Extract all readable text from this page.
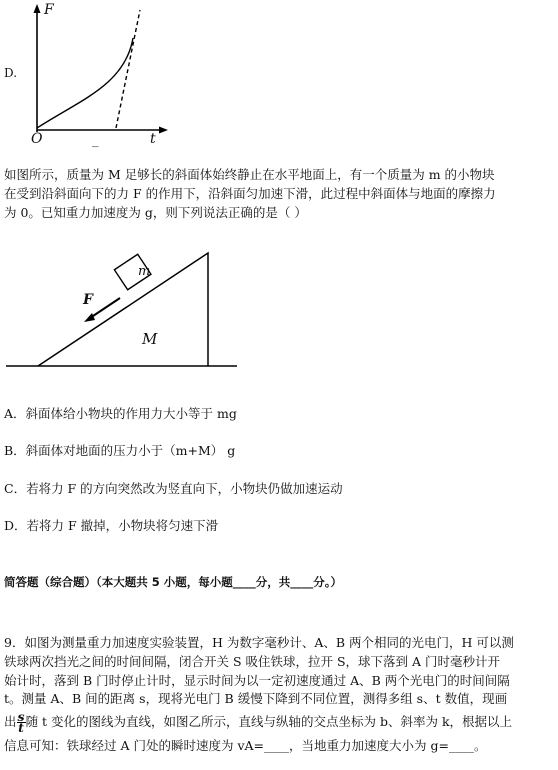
D.
F
O	t
_
如图所示，质量为 M 足够长的斜面体始终静止在水平地面上，有一个质量为 m 的小物块
在受到沿斜面向下的力 F 的作用下，沿斜面匀加速下滑，此过程中斜面体与地面的摩擦力
为 0。已知重力加速度为 g，则下列说法正确的是（ ）
m
F
M
A．斜面体给小物块的作用力大小等于 mg
B．斜面体对地面的压力小于（m+M） g
C．若将力 F 的方向突然改为竖直向下，小物块仍做加速运动
D．若将力 F 撤掉，小物块将匀速下滑
简答题（综合题）（本大题共 5 小题，每小题____分，共____分。）
9．如图为测量重力加速度实验装置，H 为数字毫秒计、A、B 两个相同的光电门，H 可以测
铁球两次挡光之间的时间间隔，闭合开关 S 吸住铁球，拉开 S，球下落到 A 门时毫秒计开
始计时，落到 B 门时停止计时，显示时间为以一定初速度通过 A、B 两个光电门的时间间隔
t。测量 A、B 间的距离 s，现将光电门 B 缓慢下降到不同位置，测得多组 s、t 数值，现画
出 $\frac{s}{t}$ 随 t 变化的图线为直线，如图乙所示，直线与纵轴的交点坐标为 b、斜率为 k，根据以上
信息可知：铁球经过 A 门处的瞬时速度为 vA=____，当地重力加速度大小为 g=____。
